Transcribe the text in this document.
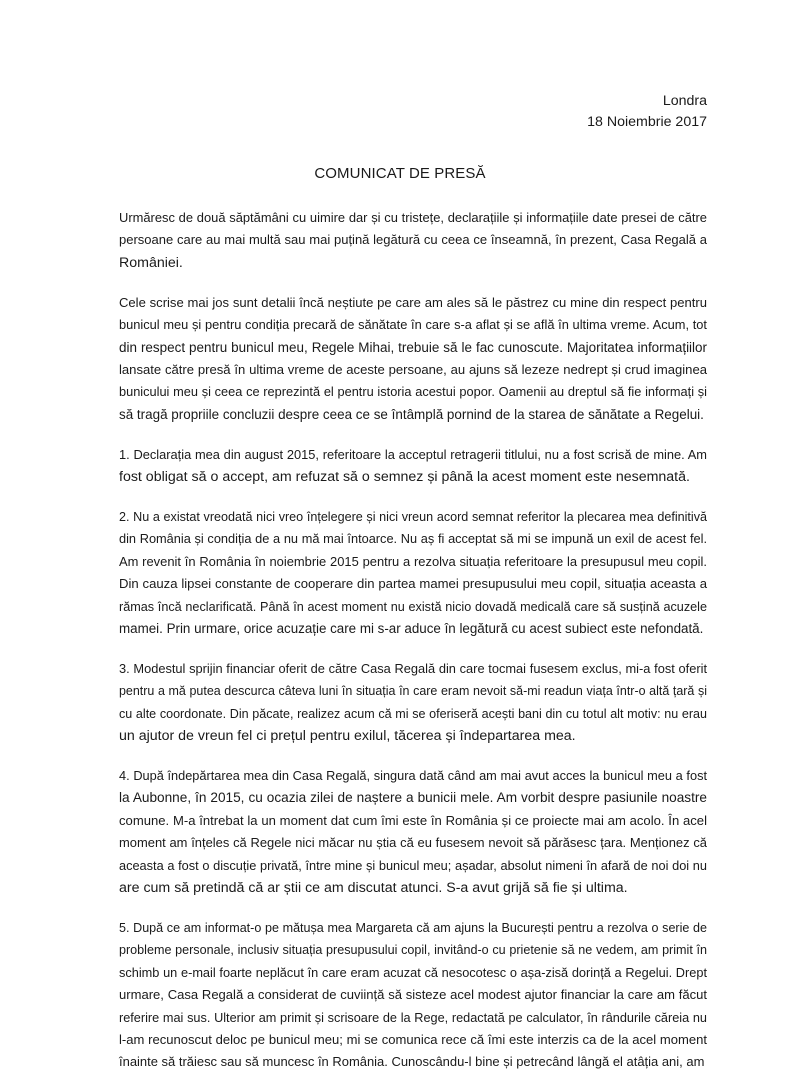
Londra
18 Noiembrie 2017
COMUNICAT DE PRESĂ
Urmăresc de două săptămâni cu uimire dar și cu tristețe, declarațiile și informațiile date presei de către
persoane care au mai multă sau mai puțină legătură cu ceea ce înseamnă, în prezent, Casa Regală a
României.
Cele scrise mai jos sunt detalii încă neștiute pe care am ales să le păstrez cu mine din respect pentru
bunicul meu și pentru condiția precară de sănătate în care s-a aflat și se află în ultima vreme. Acum, tot
din respect pentru bunicul meu, Regele Mihai, trebuie să le fac cunoscute. Majoritatea informațiilor
lansate către presă în ultima vreme de aceste persoane, au ajuns să lezeze nedrept și crud imaginea
bunicului meu și ceea ce reprezintă el pentru istoria acestui popor. Oamenii au dreptul să fie informați și
să tragă propriile concluzii despre ceea ce se întâmplă pornind de la starea de sănătate a Regelui.
1. Declarația mea din august 2015, referitoare la acceptul retragerii titlului, nu a fost scrisă de mine. Am
fost obligat să o accept, am refuzat să o semnez și până la acest moment este nesemnată.
2. Nu a existat vreodată nici vreo înțelegere și nici vreun acord semnat referitor la plecarea mea definitivă
din România și condiția de a nu mă mai întoarce. Nu aș fi acceptat să mi se impună un exil de acest fel.
Am revenit în România în noiembrie 2015 pentru a rezolva situația referitoare la presupusul meu copil.
Din cauza lipsei constante de cooperare din partea mamei presupusului meu copil, situația aceasta a
rămas încă neclarificată. Până în acest moment nu există nicio dovadă medicală care să susțină acuzele
mamei. Prin urmare, orice acuzație care mi s-ar aduce în legătură cu acest subiect este nefondată.
3. Modestul sprijin financiar oferit de către Casa Regală din care tocmai fusesem exclus, mi-a fost oferit
pentru a mă putea descurca câteva luni în situația în care eram nevoit să-mi readun viața într-o altă țară și
cu alte coordonate. Din păcate, realizez acum că mi se oferiseră acești bani din cu totul alt motiv: nu erau
un ajutor de vreun fel ci prețul pentru exilul, tăcerea și îndepartarea mea.
4. După îndepărtarea mea din Casa Regală, singura dată când am mai avut acces la bunicul meu a fost
la Aubonne, în 2015, cu ocazia zilei de naștere a bunicii mele. Am vorbit despre pasiunile noastre
comune. M-a întrebat la un moment dat cum îmi este în România și ce proiecte mai am acolo. În acel
moment am înțeles că Regele nici măcar nu știa că eu fusesem nevoit să părăsesc țara. Menționez că
aceasta a fost o discuție privată, între mine și bunicul meu; așadar, absolut nimeni în afară de noi doi nu
are cum să pretindă că ar știi ce am discutat atunci. S-a avut grijă să fie și ultima.
5. După ce am informat-o pe mătușa mea Margareta că am ajuns la București pentru a rezolva o serie de
probleme personale, inclusiv situația presupusului copil, invitând-o cu prietenie să ne vedem, am primit în
schimb un e-mail foarte neplăcut în care eram acuzat că nesocotesc o așa-zisă dorință a Regelui. Drept
urmare, Casa Regală a considerat de cuviință să sisteze acel modest ajutor financiar la care am făcut
referire mai sus. Ulterior am primit și scrisoare de la Rege, redactată pe calculator, în rândurile căreia nu
l-am recunoscut deloc pe bunicul meu; mi se comunica rece că îmi este interzis ca de la acel moment
înainte să trăiesc sau să muncesc în România. Cunoscându-l bine și petrecând lângă el atâția ani, am
